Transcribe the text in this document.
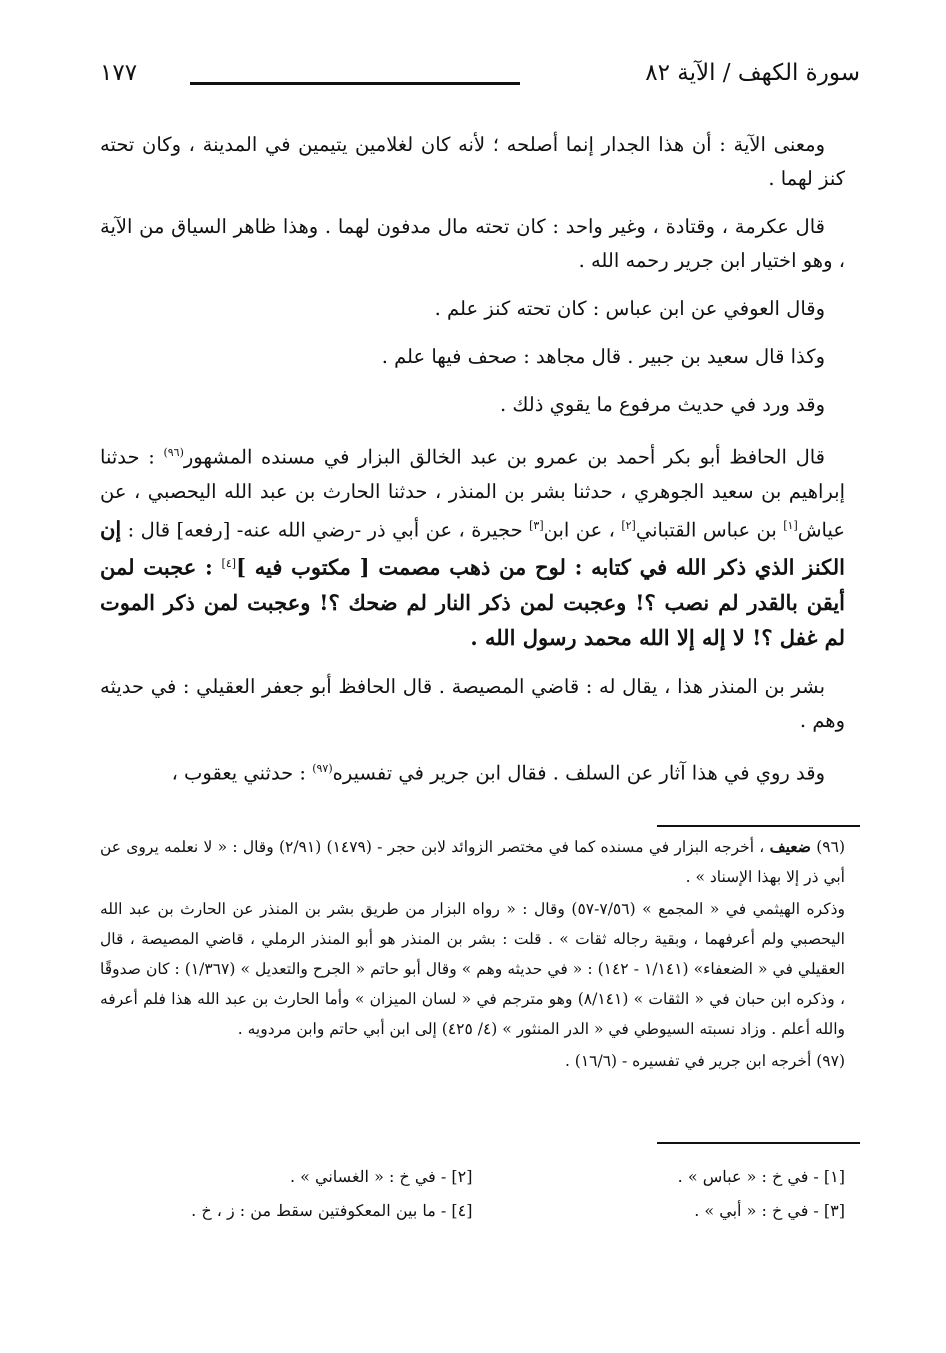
سورة الكهف / الآية ٨٢
١٧٧

ومعنى الآية : أن هذا الجدار إنما أصلحه ؛ لأنه كان لغلامين يتيمين في المدينة ، وكان تحته كنز لهما .

قال عكرمة ، وقتادة ، وغير واحد : كان تحته مال مدفون لهما . وهذا ظاهر السياق من الآية ، وهو اختيار ابن جرير رحمه الله .

وقال العوفي عن ابن عباس : كان تحته كنز علم .

وكذا قال سعيد بن جبير . قال مجاهد : صحف فيها علم .

وقد ورد في حديث مرفوع ما يقوي ذلك .

قال الحافظ أبو بكر أحمد بن عمرو بن عبد الخالق البزار في مسنده المشهور$^{(٩٦)}$ : حدثنا إبراهيم بن سعيد الجوهري ، حدثنا بشر بن المنذر ، حدثنا الحارث بن عبد الله اليحصبي ، عن عياش[١] بن عباس القتباني[٢] ، عن ابن[٣] حجيرة ، عن أبي ذر -رضي الله عنه- [رفعه] قال : إن الكنز الذي ذكر الله في كتابه : لوح من ذهب مصمت [ مكتوب فيه ][٤] : عجبت لمن أيقن بالقدر لم نصب ؟! وعجبت لمن ذكر النار لم ضحك ؟! وعجبت لمن ذكر الموت لم غفل ؟! لا إله إلا الله محمد رسول الله .

بشر بن المنذر هذا ، يقال له : قاضي المصيصة . قال الحافظ أبو جعفر العقيلي : في حديثه وهم .

وقد روي في هذا آثار عن السلف . فقال ابن جرير في تفسيره$^{(٩٧)}$ : حدثني يعقوب ،

(٩٦) ضعيف ، أخرجه البزار في مسنده كما في مختصر الزوائد لابن حجر - (١٤٧٩) (٢/٩١) وقال : « لا نعلمه يروى عن أبي ذر إلا بهذا الإسناد » .

وذكره الهيثمي في « المجمع » (٧/٥٦-٥٧) وقال : « رواه البزار من طريق بشر بن المنذر عن الحارث بن عبد الله اليحصبي ولم أعرفهما ، وبقية رجاله ثقات » . قلت : بشر بن المنذر هو أبو المنذر الرملي ، قاضي المصيصة ، قال العقيلي في « الضعفاء» (١/١٤١ - ١٤٢) : « في حديثه وهم » وقال أبو حاتم « الجرح والتعديل » (١/٣٦٧) : كان صدوقًا ، وذكره ابن حبان في « الثقات » (٨/١٤١) وهو مترجم في « لسان الميزان » وأما الحارث بن عبد الله هذا فلم أعرفه والله أعلم . وزاد نسبته السيوطي في « الدر المنثور » (٤/ ٤٢٥) إلى ابن أبي حاتم وابن مردويه .

(٩٧) أخرجه ابن جرير في تفسيره - (١٦/٦) .

[١] - في خ : « عباس » .
[٢] - في خ : « الغساني » .
[٣] - في خ : « أبي » .
[٤] - ما بين المعكوفتين سقط من : ز ، خ .
